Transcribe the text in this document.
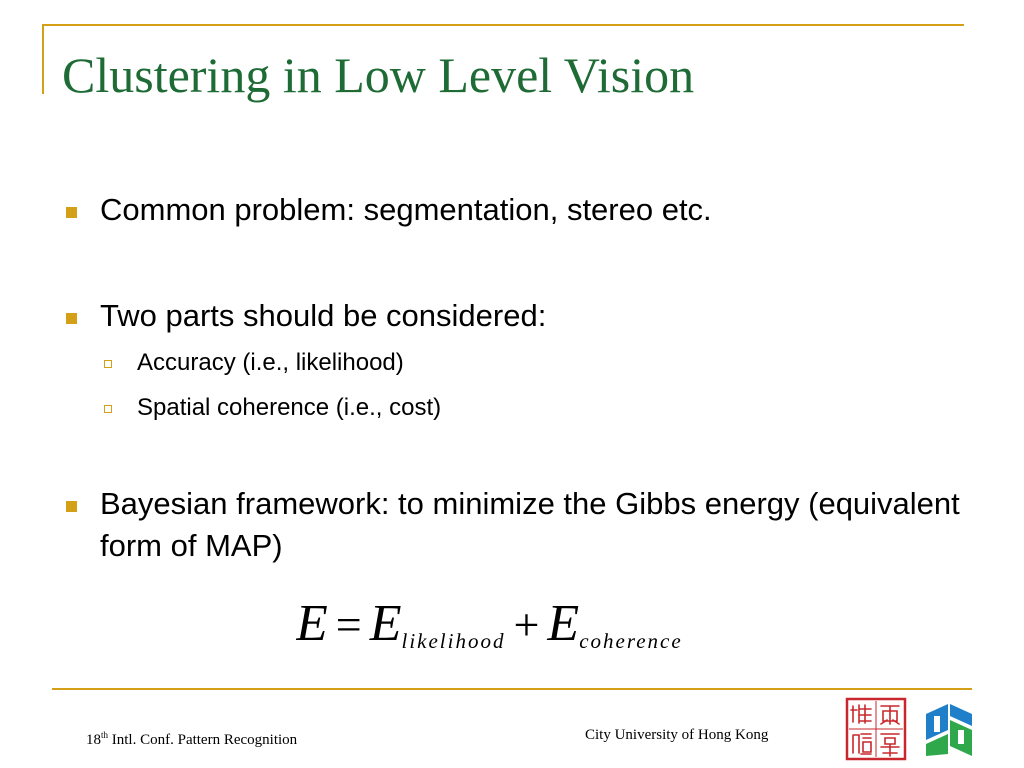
Clustering in Low Level Vision
Common problem: segmentation, stereo etc.
Two parts should be considered:
Accuracy (i.e., likelihood)
Spatial coherence (i.e., cost)
Bayesian framework: to minimize the Gibbs energy (equivalent form of MAP)
E = Elikelihood + Ecoherence
18th Intl. Conf. Pattern Recognition	City University of Hong Kong
